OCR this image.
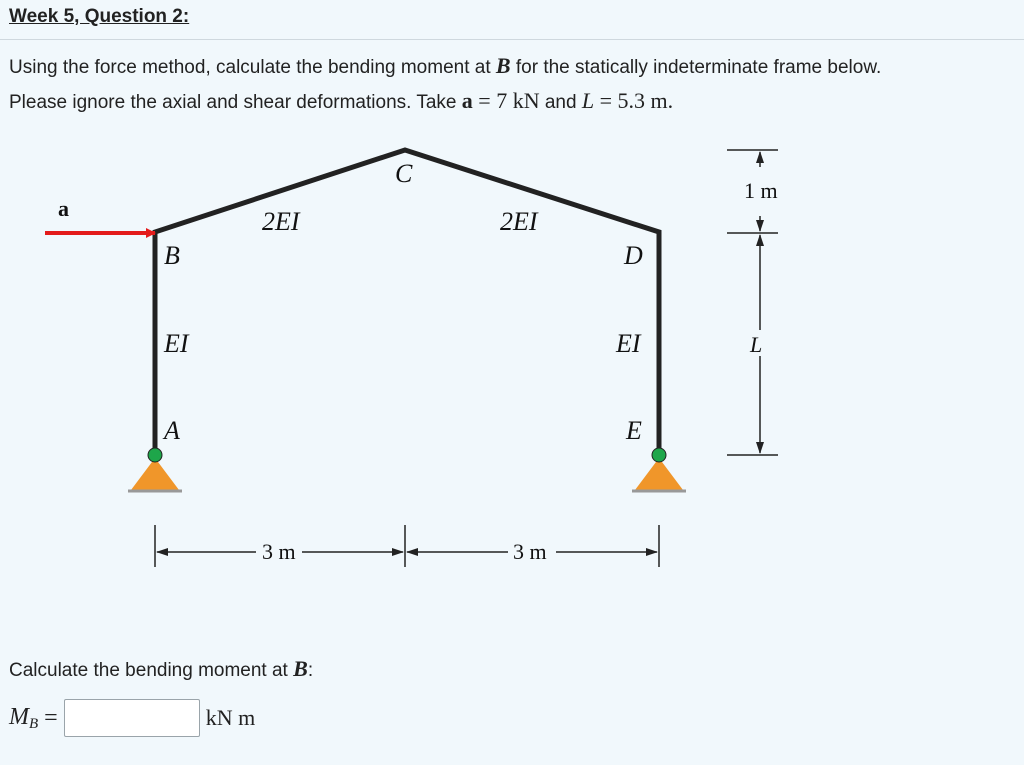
Week 5, Question 2:
Using the force method, calculate the bending moment at B for the statically indeterminate frame below.
Please ignore the axial and shear deformations. Take a = 7 kN and L = 5.3 m.
a
B
C
D
A	E
2EI	2EI
EI	EI
1 m
L
3 m	3 m
Calculate the bending moment at B:
MB =	kN m
